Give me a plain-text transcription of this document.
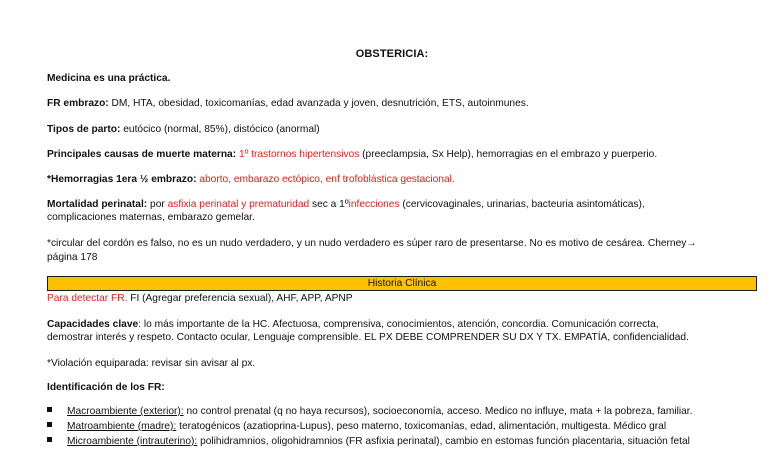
OBSTERICIA:
Medicina es una práctica.
FR embrazo: DM, HTA, obesidad, toxicomanías, edad avanzada y joven, desnutrición, ETS, autoinmunes.
Tipos de parto: eutócico (normal, 85%), distócico (anormal)
Principales causas de muerte materna: 1º trastornos hipertensivos (preeclampsia, Sx Help), hemorragias en el embrazo y puerperio.
*Hemorragias 1era ½ embrazo: aborto, embarazo ectópico, enf trofoblástica gestacional.
Mortalidad perinatal: por asfixia perinatal y prematuridad sec a 1ºinfecciones (cervicovaginales, urinarias, bacteuria asintomáticas),
complicaciones maternas, embarazo gemelar.
*circular del cordón es falso, no es un nudo verdadero, y un nudo verdadero es súper raro de presentarse. No es motivo de cesárea. Cherney→
página 178
Historia Clínica
Para detectar FR. FI (Agregar preferencia sexual), AHF, APP, APNP
Capacidades clave: lo más importante de la HC. Afectuosa, comprensiva, conocimientos, atención, concordia. Comunicación correcta,
demostrar interés y respeto. Contacto ocular, Lenguaje comprensible. EL PX DEBE COMPRENDER SU DX Y TX. EMPATÍA, confidencialidad.
*Violación equiparada: revisar sin avisar al px.
Identificación de los FR:
Macroambiente (exterior): no control prenatal (q no haya recursos), socioeconomía, acceso. Medico no influye, mata + la pobreza, familiar.
Matroambiente (madre): teratogénicos (azatioprina-Lupus), peso materno, toxicomanías, edad, alimentación, multigesta. Médico gral
Microambiente (intrauterino): polihidramnios, oligohidramnios (FR asfixia perinatal), cambio en estomas función placentaria, situación fetal
